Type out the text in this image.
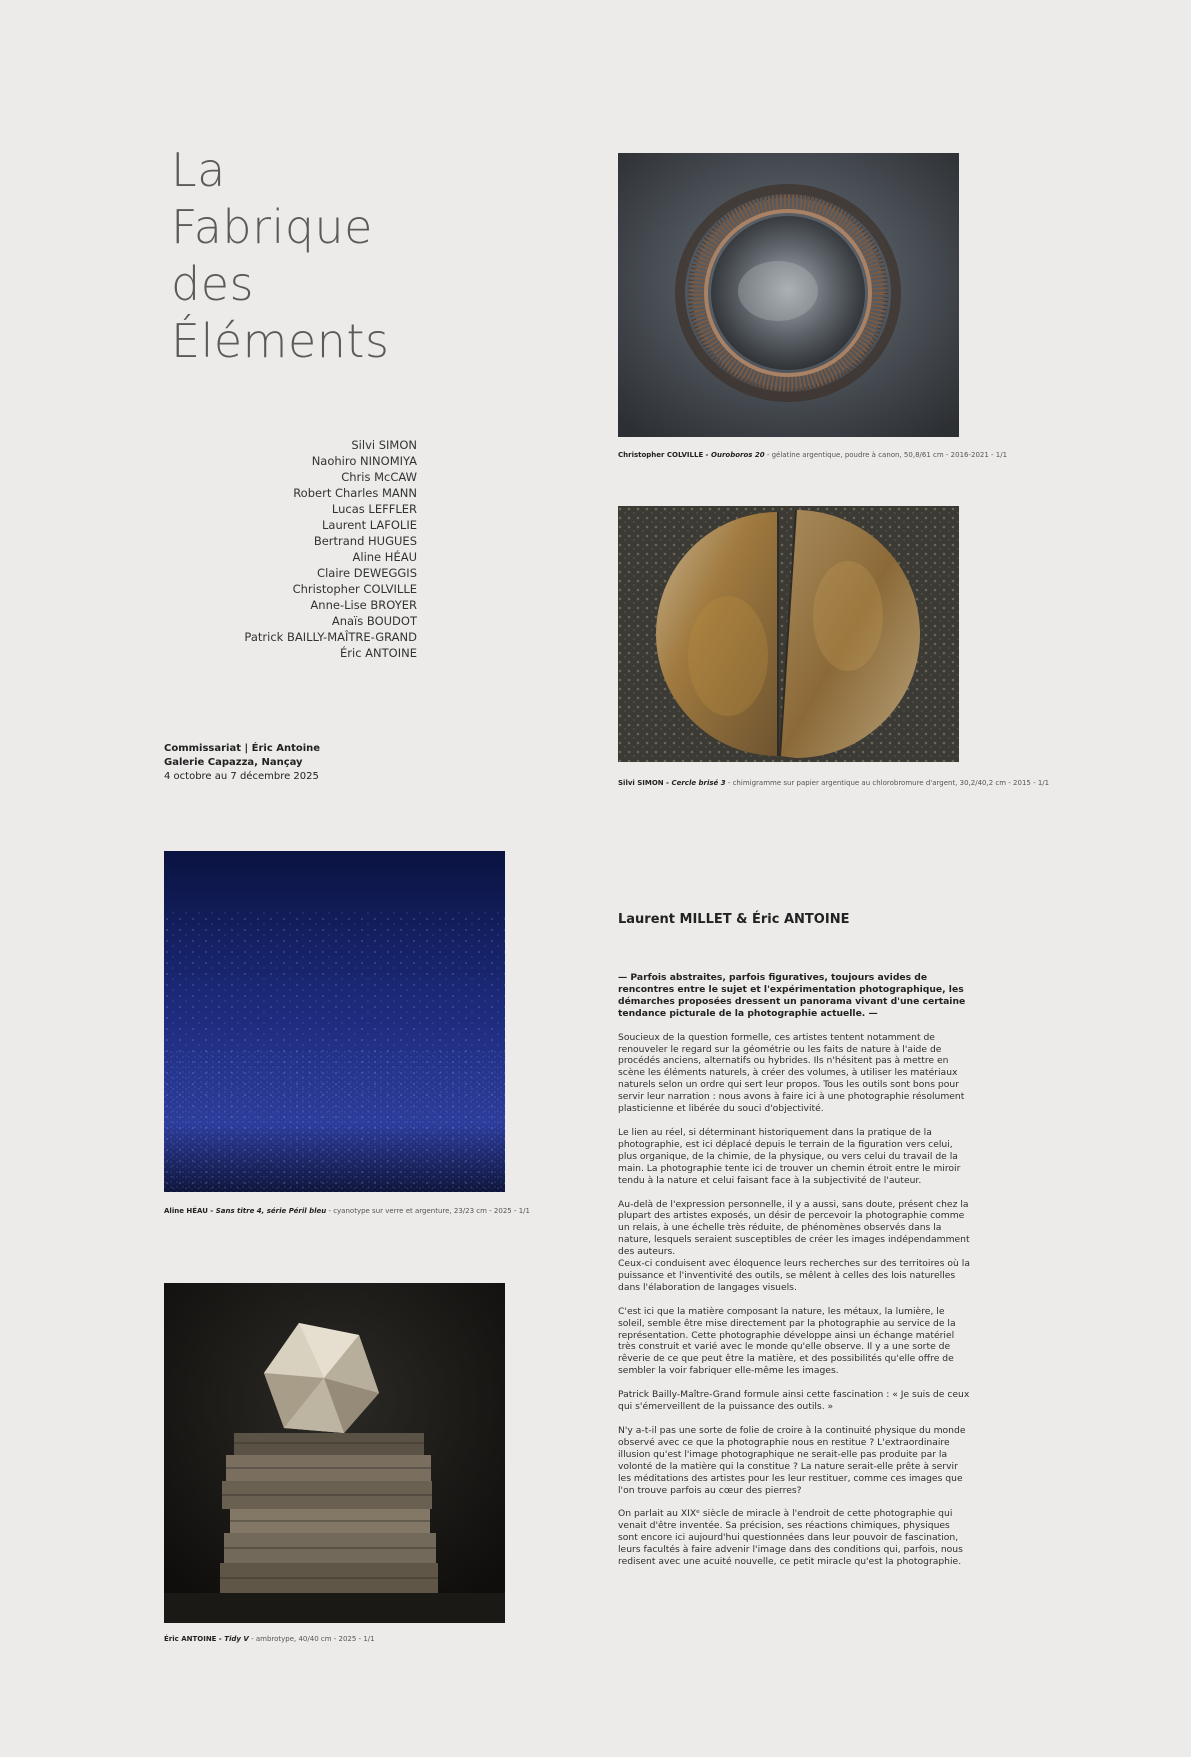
La
Fabrique
des
Éléments
Silvi SIMON
Naohiro NINOMIYA
Chris McCAW
Robert Charles MANN
Lucas LEFFLER
Laurent LAFOLIE
Bertrand HUGUES
Aline HÉAU
Claire DEWEGGIS
Christopher COLVILLE
Anne-Lise BROYER
Anaïs BOUDOT
Patrick BAILLY-MAÎTRE-GRAND
Éric ANTOINE
Commissariat | Éric Antoine
Galerie Capazza, Nançay
4 octobre au 7 décembre 2025
Christopher COLVILLE - Ouroboros 20 - gélatine argentique, poudre à canon, 50,8/61 cm - 2016-2021 - 1/1
Silvi SIMON - Cercle brisé 3 - chimigramme sur papier argentique au chlorobromure d'argent, 30,2/40,2 cm - 2015 - 1/1
Aline HÉAU - Sans titre 4, série Péril bleu - cyanotype sur verre et argenture, 23/23 cm - 2025 - 1/1
Éric ANTOINE - Tidy V - ambrotype, 40/40 cm - 2025 - 1/1
Laurent MILLET & Éric ANTOINE

— Parfois abstraites, parfois figuratives, toujours avides de rencontres entre le sujet et l'expérimentation photographique, les démarches proposées dressent un panorama vivant d'une certaine tendance picturale de la photographie actuelle. —

Soucieux de la question formelle, ces artistes tentent notamment de renouveler le regard sur la géométrie ou les faits de nature à l'aide de procédés anciens, alternatifs ou hybrides. Ils n'hésitent pas à mettre en scène les éléments naturels, à créer des volumes, à utiliser les matériaux naturels selon un ordre qui sert leur propos. Tous les outils sont bons pour servir leur narration : nous avons à faire ici à une photographie résolument plasticienne et libérée du souci d'objectivité.

Le lien au réel, si déterminant historiquement dans la pratique de la photographie, est ici déplacé depuis le terrain de la figuration vers celui, plus organique, de la chimie, de la physique, ou vers celui du travail de la main. La photographie tente ici de trouver un chemin étroit entre le miroir tendu à la nature et celui faisant face à la subjectivité de l'auteur.

Au-delà de l'expression personnelle, il y a aussi, sans doute, présent chez la plupart des artistes exposés, un désir de percevoir la photographie comme un relais, à une échelle très réduite, de phénomènes observés dans la nature, lesquels seraient susceptibles de créer les images indépendamment des auteurs.

Ceux-ci conduisent avec éloquence leurs recherches sur des territoires où la puissance et l'inventivité des outils, se mêlent à celles des lois naturelles dans l'élaboration de langages visuels.

C'est ici que la matière composant la nature, les métaux, la lumière, le soleil, semble être mise directement par la photographie au service de la représentation. Cette photographie développe ainsi un échange matériel très construit et varié avec le monde qu'elle observe. Il y a une sorte de rêverie de ce que peut être la matière, et des possibilités qu'elle offre de sembler la voir fabriquer elle-même les images.

Patrick Bailly-Maître-Grand formule ainsi cette fascination : « Je suis de ceux qui s'émerveillent de la puissance des outils. »

N'y a-t-il pas une sorte de folie de croire à la continuité physique du monde observé avec ce que la photographie nous en restitue ? L'extraordinaire illusion qu'est l'image photographique ne serait-elle pas produite par la volonté de la matière qui la constitue ? La nature serait-elle prête à servir les méditations des artistes pour les leur restituer, comme ces images que l'on trouve parfois au cœur des pierres?

On parlait au XIXᵉ siècle de miracle à l'endroit de cette photographie qui venait d'être inventée. Sa précision, ses réactions chimiques, physiques sont encore ici aujourd'hui questionnées dans leur pouvoir de fascination, leurs facultés à faire advenir l'image dans des conditions qui, parfois, nous redisent avec une acuité nouvelle, ce petit miracle qu'est la photographie.
